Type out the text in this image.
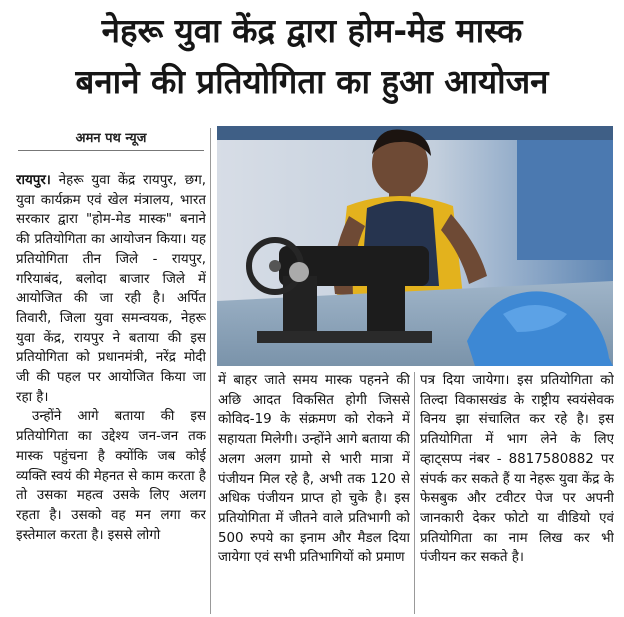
नेहरू युवा केंद्र द्वारा होम-मेड मास्क
बनाने की प्रतियोगिता का हुआ आयोजन
अमन पथ न्यूज

रायपुर। नेहरू युवा केंद्र रायपुर, छग, युवा कार्यक्रम एवं खेल मंत्रालय, भारत सरकार द्वारा "होम-मेड मास्क" बनाने की प्रतियोगिता का आयोजन किया। यह प्रतियोगिता तीन जिले - रायपुर, गरियाबंद, बलोदा बाजार जिले में आयोजित की जा रही है। अर्पित तिवारी, जिला युवा समन्वयक, नेहरू युवा केंद्र, रायपुर ने बताया की इस प्रतियोगिता को प्रधानमंत्री, नरेंद्र मोदी जी की पहल पर आयोजित किया जा रहा है।

उन्होंने आगे बताया की इस प्रतियोगिता का उद्देश्य जन-जन तक मास्क पहुंचना है क्योंकि जब कोई व्यक्ति स्वयं की मेहनत से काम करता है तो उसका महत्व उसके लिए अलग रहता है। उसको वह मन लगा कर इस्तेमाल करता है। इससे लोगो

में बाहर जाते समय मास्क पहनने की अछि आदत विकसित होगी जिससे कोविद-19 के संक्रमण को रोकने में सहायता मिलेगी। उन्होंने आगे बताया की अलग अलग ग्रामो से भारी मात्रा में पंजीयन मिल रहे है, अभी तक 120 से अधिक पंजीयन प्राप्त हो चुके है। इस प्रतियोगिता में जीतने वाले प्रतिभागी को 500 रुपये का इनाम और मैडल दिया जायेगा एवं सभी प्रतिभागियों को प्रमाण

पत्र दिया जायेगा। इस प्रतियोगिता को तिल्दा विकासखंड के राष्ट्रीय स्वयंसेवक विनय झा संचालित कर रहे है। इस प्रतियोगिता में भाग लेने के लिए व्हाट्सप्प नंबर - 8817580882 पर संपर्क कर सकते हैं या नेहरू युवा केंद्र के फेसबुक और टवीटर पेज पर अपनी जानकारी देकर फोटो या वीडियो एवं प्रतियोगिता का नाम लिख कर भी पंजीयन कर सकते है।
